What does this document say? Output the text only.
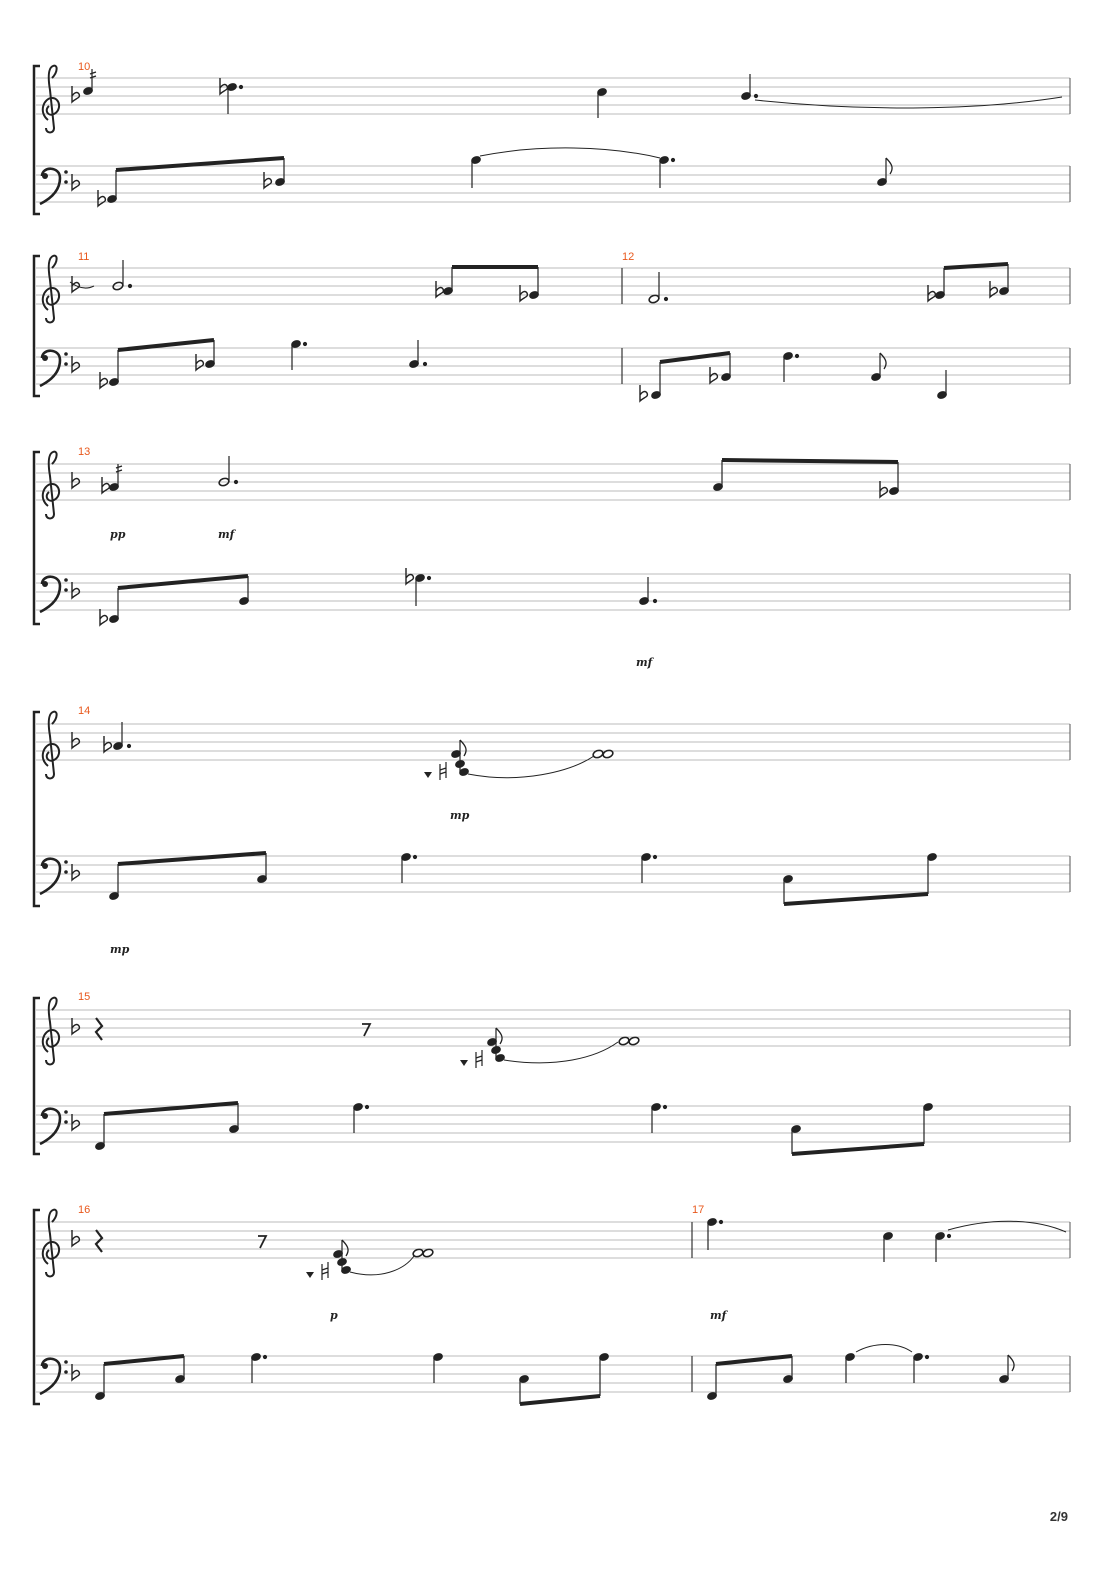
10
11	12
13
pp	mf
mf
14
mp
mp
15
16	17
p	mf
2/9
